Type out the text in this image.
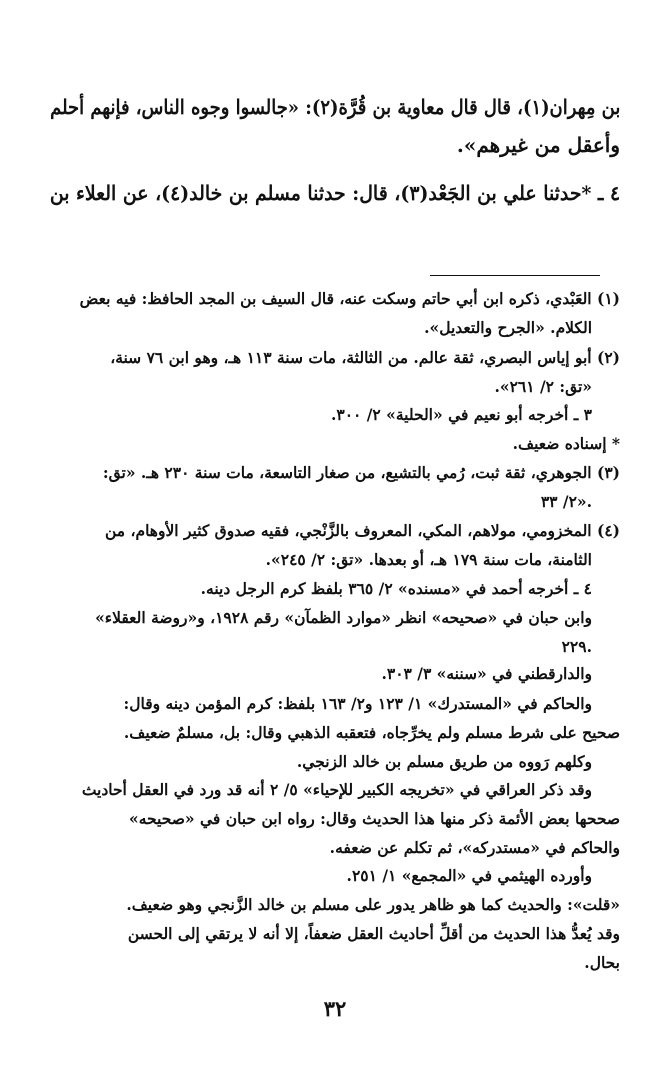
بن مِهران(١)، قال قال معاوية بن قُرَّة(٢): «جالسوا وجوه الناس، فإنهم أحلم
وأعقل من غيرهم».
٤ ـ *حدثنا علي بن الجَعْد(٣)، قال: حدثنا مسلم بن خالد(٤)، عن العلاء بن
(١) العَبْدي، ذكره ابن أبي حاتم وسكت عنه، قال السيف بن المجد الحافظ: فيه بعض
الكلام. «الجرح والتعديل».
(٢) أبو إياس البصري، ثقة عالم. من الثالثة، مات سنة ١١٣ هـ، وهو ابن ٧٦ سنة،
«تق: ٢/ ٢٦١».
٣ ـ أخرجه أبو نعيم في «الحلية» ٢/ ٣٠٠.
* إسناده ضعيف.
(٣) الجوهري، ثقة ثبت، رُمي بالتشيع، من صغار التاسعة، مات سنة ٢٣٠ هـ. «تق:
٢/ ٣٣».
(٤) المخزومي، مولاهم، المكي، المعروف بالزَّنْجي، فقيه صدوق كثير الأوهام، من
الثامنة، مات سنة ١٧٩ هـ، أو بعدها. «تق: ٢/ ٢٤٥».
٤ ـ أخرجه أحمد في «مسنده» ٢/ ٣٦٥ بلفظ كرم الرجل دينه.
وابن حبان في «صحيحه» انظر «موارد الظمآن» رقم ١٩٢٨، و«روضة العقلاء»
٢٢٩.
والدارقطني في «سننه» ٣/ ٣٠٣.
والحاكم في «المستدرك» ١/ ١٢٣ و٢/ ١٦٣ بلفظ: كرم المؤمن دينه وقال:
صحيح على شرط مسلم ولم يخرِّجاه، فتعقبه الذهبي وقال: بل، مسلمٌ ضعيف.
وكلهم رَووه من طريق مسلم بن خالد الزنجي.
وقد ذكر العراقي في «تخريجه الكبير للإحياء» ٥/ ٢ أنه قد ورد في العقل أحاديث
صححها بعض الأئمة ذكر منها هذا الحديث وقال: رواه ابن حبان في «صحيحه»
والحاكم في «مستدركه»، ثم تكلم عن ضعفه.
وأورده الهيثمي في «المجمع» ١/ ٢٥١.
«قلت»: والحديث كما هو ظاهر يدور على مسلم بن خالد الزَّنجي وهو ضعيف.
وقد يُعدُّ هذا الحديث من أقلِّ أحاديث العقل ضعفاً، إلا أنه لا يرتقي إلى الحسن
بحال.
٣٢
